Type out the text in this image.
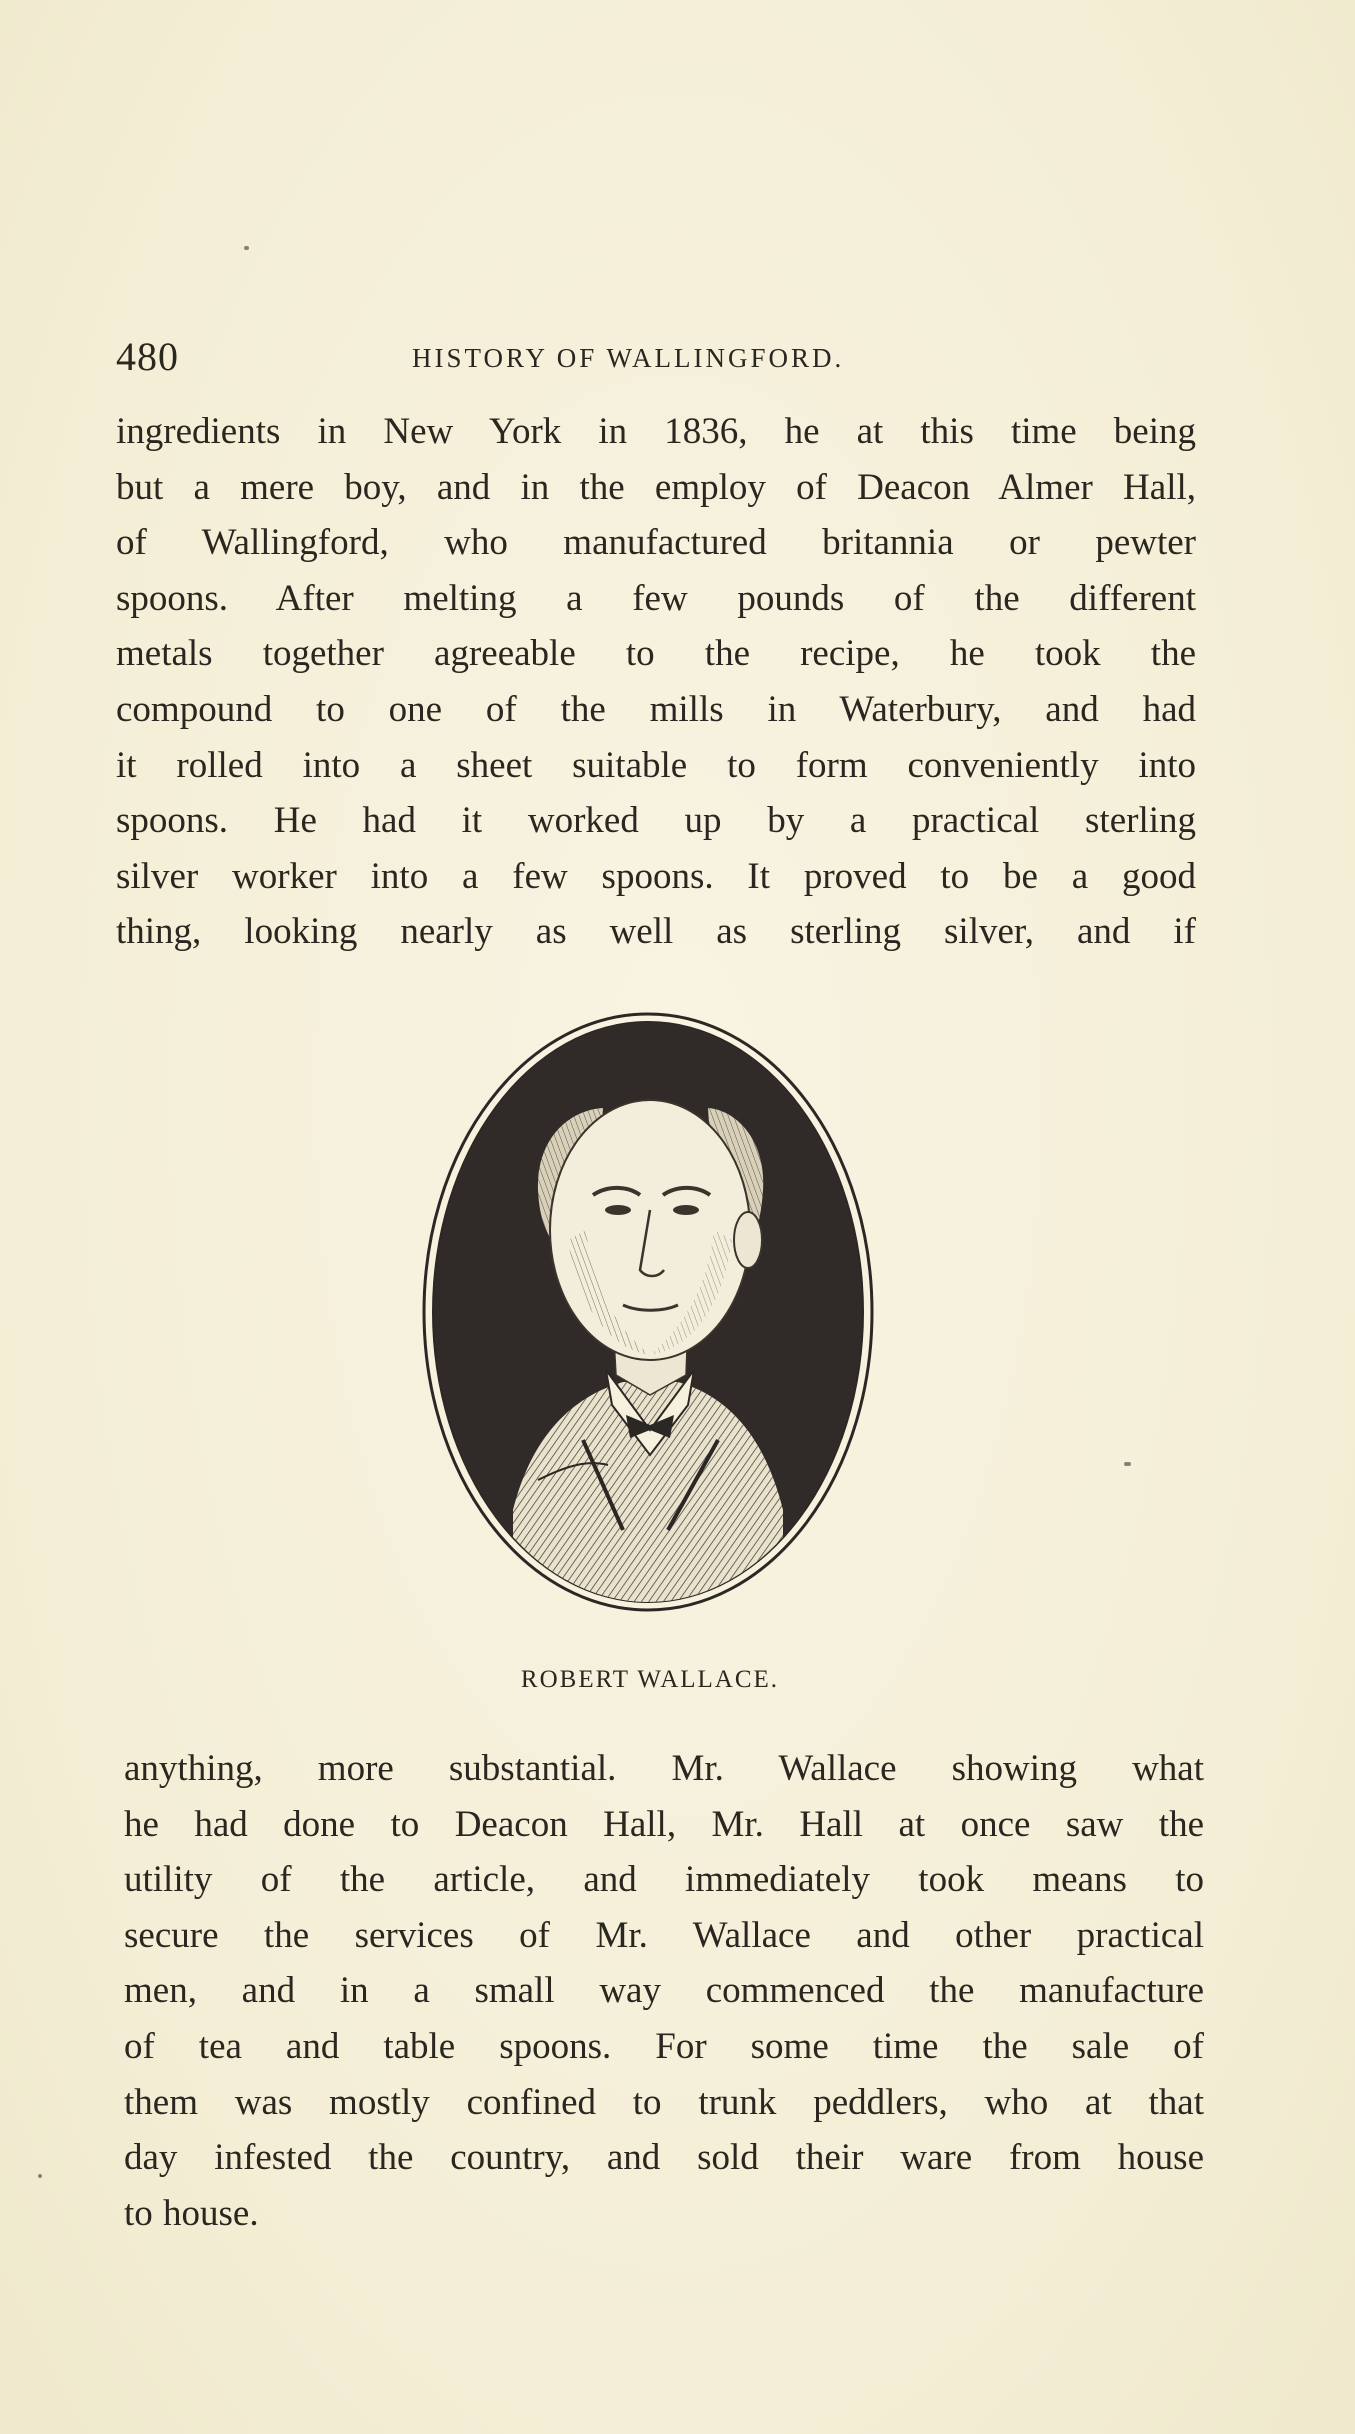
480	HISTORY OF WALLINGFORD.
ingredients in New York in 1836, he at this time being
but a mere boy, and in the employ of Deacon Almer Hall,
of Wallingford, who manufactured britannia or pewter
spoons. After melting a few pounds of the different
metals together agreeable to the recipe, he took the
compound to one of the mills in Waterbury, and had
it rolled into a sheet suitable to form conveniently into
spoons. He had it worked up by a practical sterling
silver worker into a few spoons. It proved to be a good
thing, looking nearly as well as sterling silver, and if
ROBERT WALLACE.
anything, more substantial. Mr. Wallace showing what
he had done to Deacon Hall, Mr. Hall at once saw the
utility of the article, and immediately took means to
secure the services of Mr. Wallace and other practical
men, and in a small way commenced the manufacture
of tea and table spoons. For some time the sale of
them was mostly confined to trunk peddlers, who at that
day infested the country, and sold their ware from house
to house.
